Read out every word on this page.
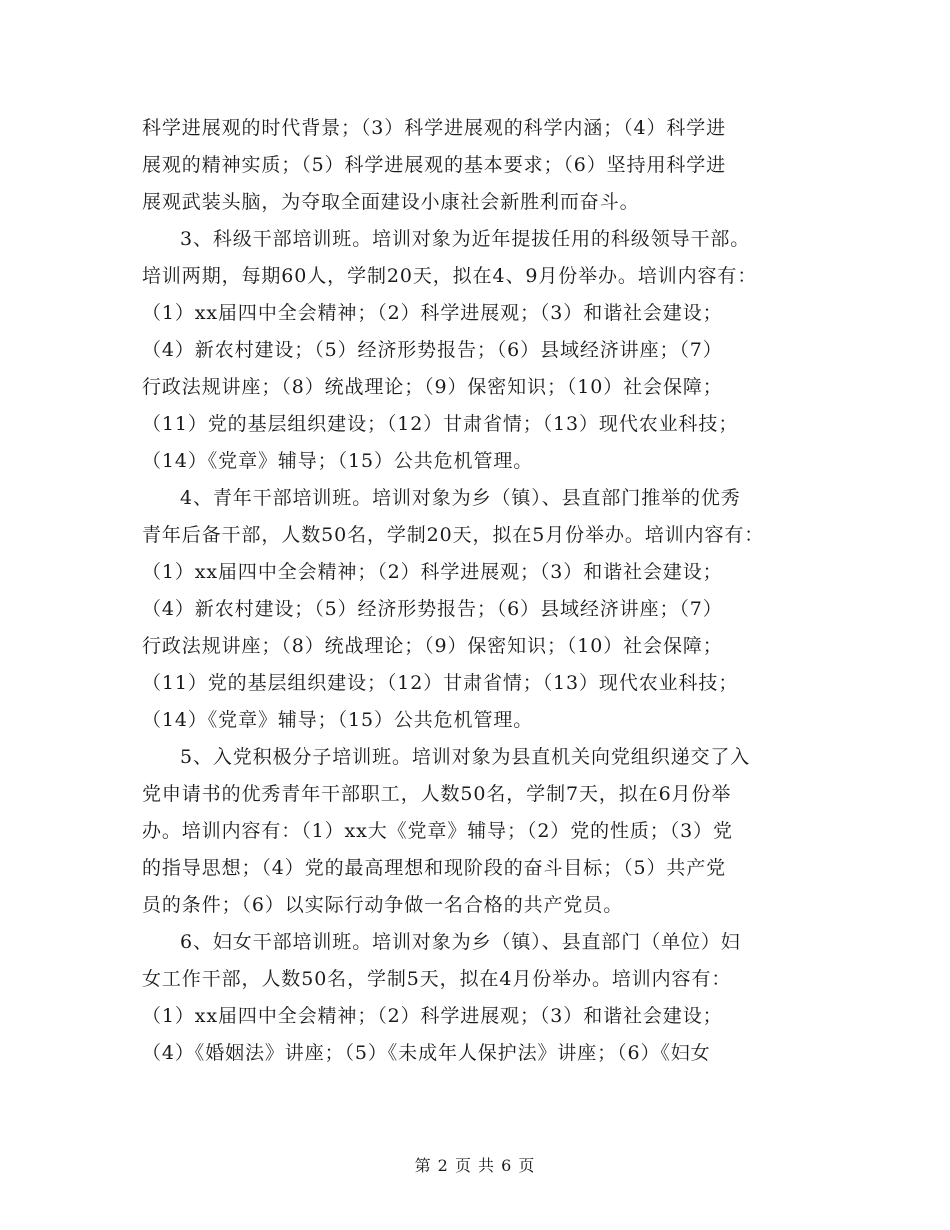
科学进展观的时代背景；（3）科学进展观的科学内涵；（4）科学进
展观的精神实质；（5）科学进展观的基本要求；（6）坚持用科学进
展观武装头脑，为夺取全面建设小康社会新胜利而奋斗。
3、科级干部培训班。培训对象为近年提拔任用的科级领导干部。
培训两期，每期60人，学制20天，拟在4、9月份举办。培训内容有：
（1）xx届四中全会精神；（2）科学进展观；（3）和谐社会建设；
（4）新农村建设；（5）经济形势报告；（6）县域经济讲座；（7）
行政法规讲座；（8）统战理论；（9）保密知识；（10）社会保障；
（11）党的基层组织建设；（12）甘肃省情；（13）现代农业科技；
（14）《党章》辅导；（15）公共危机管理。
4、青年干部培训班。培训对象为乡（镇）、县直部门推举的优秀
青年后备干部，人数50名，学制20天，拟在5月份举办。培训内容有：
（1）xx届四中全会精神；（2）科学进展观；（3）和谐社会建设；
（4）新农村建设；（5）经济形势报告；（6）县域经济讲座；（7）
行政法规讲座；（8）统战理论；（9）保密知识；（10）社会保障；
（11）党的基层组织建设；（12）甘肃省情；（13）现代农业科技；
（14）《党章》辅导；（15）公共危机管理。
5、入党积极分子培训班。培训对象为县直机关向党组织递交了入
党申请书的优秀青年干部职工，人数50名，学制7天，拟在6月份举
办。培训内容有：（1）xx大《党章》辅导；（2）党的性质；（3）党
的指导思想；（4）党的最高理想和现阶段的奋斗目标；（5）共产党
员的条件；（6）以实际行动争做一名合格的共产党员。
6、妇女干部培训班。培训对象为乡（镇）、县直部门（单位）妇
女工作干部，人数50名，学制5天，拟在4月份举办。培训内容有：
（1）xx届四中全会精神；（2）科学进展观；（3）和谐社会建设；
（4）《婚姻法》讲座；（5）《未成年人保护法》讲座；（6）《妇女
第 2 页 共 6 页
